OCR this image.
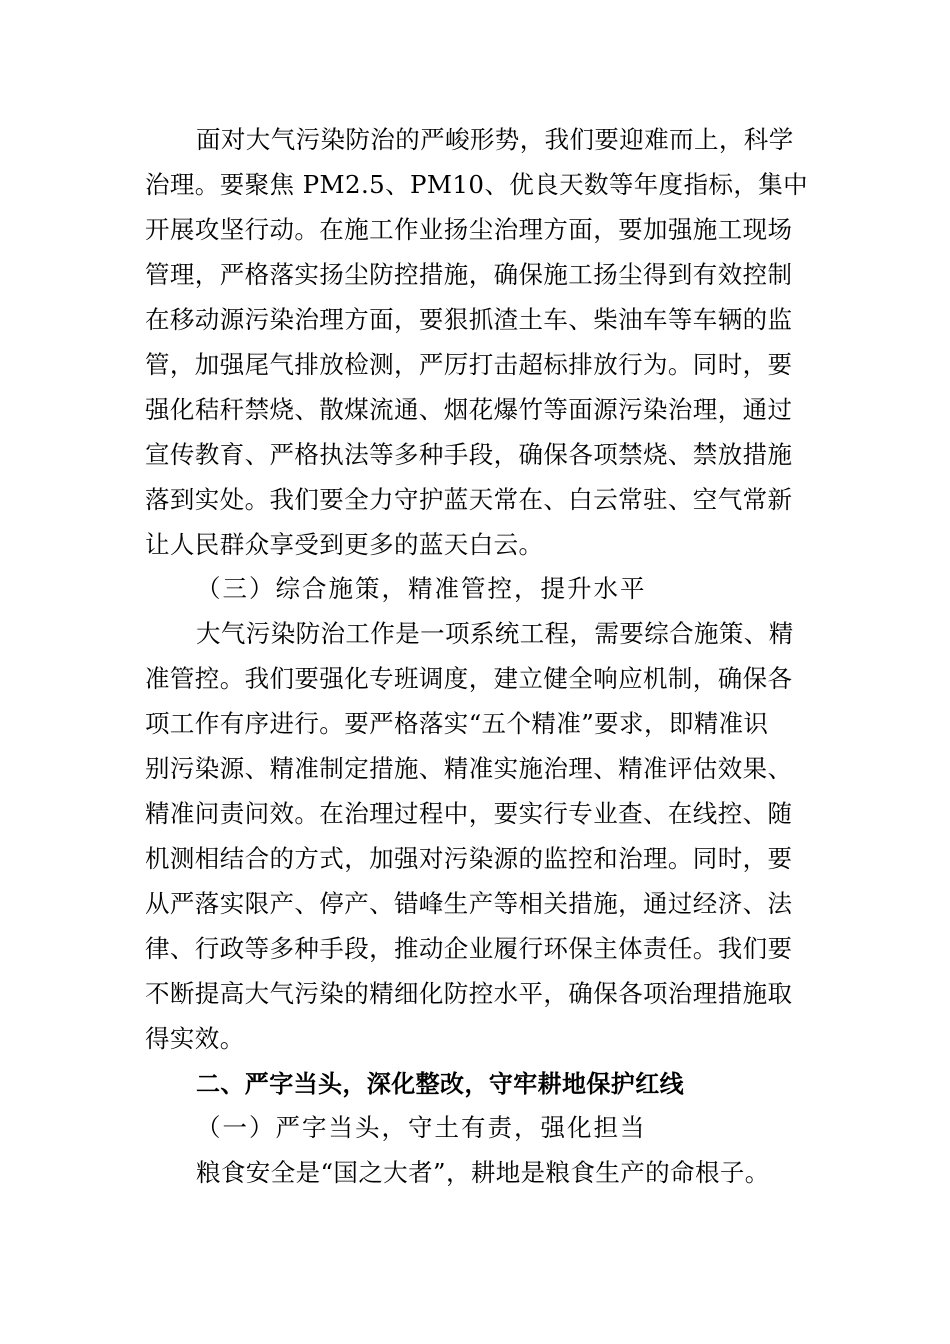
面对大气污染防治的严峻形势，我们要迎难而上，科学
治理。要聚焦 PM2.5、PM10、优良天数等年度指标，集中
开展攻坚行动。在施工作业扬尘治理方面，要加强施工现场
管理，严格落实扬尘防控措施，确保施工扬尘得到有效控制
在移动源污染治理方面，要狠抓渣土车、柴油车等车辆的监
管，加强尾气排放检测，严厉打击超标排放行为。同时，要
强化秸秆禁烧、散煤流通、烟花爆竹等面源污染治理，通过
宣传教育、严格执法等多种手段，确保各项禁烧、禁放措施
落到实处。我们要全力守护蓝天常在、白云常驻、空气常新
让人民群众享受到更多的蓝天白云。
（三）综合施策，精准管控，提升水平
大气污染防治工作是一项系统工程，需要综合施策、精
准管控。我们要强化专班调度，建立健全响应机制，确保各
项工作有序进行。要严格落实“五个精准”要求，即精准识
别污染源、精准制定措施、精准实施治理、精准评估效果、
精准问责问效。在治理过程中，要实行专业查、在线控、随
机测相结合的方式，加强对污染源的监控和治理。同时，要
从严落实限产、停产、错峰生产等相关措施，通过经济、法
律、行政等多种手段，推动企业履行环保主体责任。我们要
不断提高大气污染的精细化防控水平，确保各项治理措施取
得实效。
二、严字当头，深化整改，守牢耕地保护红线
（一）严字当头，守土有责，强化担当
粮食安全是“国之大者”，耕地是粮食生产的命根子。
